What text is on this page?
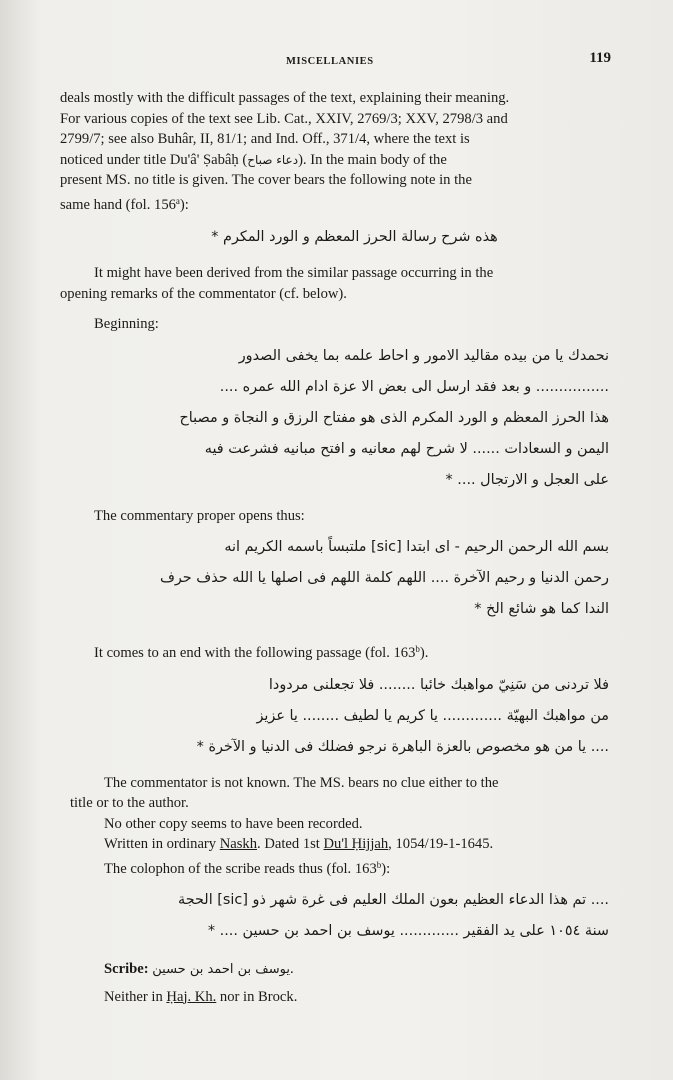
MISCELLANIES	119

deals mostly with the difficult passages of the text, explaining their meaning.
For various copies of the text see Lib. Cat., XXIV, 2769/3; XXV, 2798/3 and
2799/7; see also Buhâr, II, 81/1; and Ind. Off., 371/4, where the text is
noticed under title Du'â' Ṣabâḥ (دعاء صباح). In the main body of the
present MS. no title is given. The cover bears the following note in the
same hand (fol. 156$^a$):

هذه شرح رسالة الحرز المعظم و الورد المكرم *

It might have been derived from the similar passage occurring in the
opening remarks of the commentator (cf. below).

Beginning:

نحمدك يا من بيده مقاليد الامور و احاط علمه بما يخفى الصدور
................ و بعد فقد ارسل الى بعض الا عزة ادام الله عمره ....
هذا الحرز المعظم و الورد المكرم الذى هو مفتاح الرزق و النجاة و مصباح
اليمن و السعادات ...... لا شرح لهم معانيه و افتح مبانيه فشرعت فيه
على العجل و الارتجال .... *

The commentary proper opens thus:

بسم الله الرحمن الرحيم - اى ابتدا [sic] ملتبساً باسمه الكريم انه
رحمن الدنيا و رحيم الآخرة .... اللهم كلمة اللهم فى اصلها يا الله حذف حرف
الندا كما هو شائع الخ *

It comes to an end with the following passage (fol. 163$^b$).

فلا تردنى من سَنِيّ مواهبك خائبا ........ فلا تجعلنى مردودا
من مواهبك البهيّة ............. يا كريم يا لطيف ........ يا عزيز
.... يا من هو مخصوص بالعزة الباهرة نرجو فضلك فى الدنيا و الآخرة *

The commentator is not known. The MS. bears no clue either to the
title or to the author.
No other copy seems to have been recorded.
Written in ordinary Naskh. Dated 1st Du'l Ḥijjah, 1054/19-1-1645.
The colophon of the scribe reads thus (fol. 163$^b$):

.... تم هذا الدعاء العظيم بعون الملك العليم فى غرة شهر ذو [sic] الحجة
سنة ١٠٥٤ على يد الفقير ............. يوسف بن احمد بن حسين .... *

Scribe: يوسف بن احمد بن حسين.

Neither in Ḥaj. Kh. nor in Brock.
